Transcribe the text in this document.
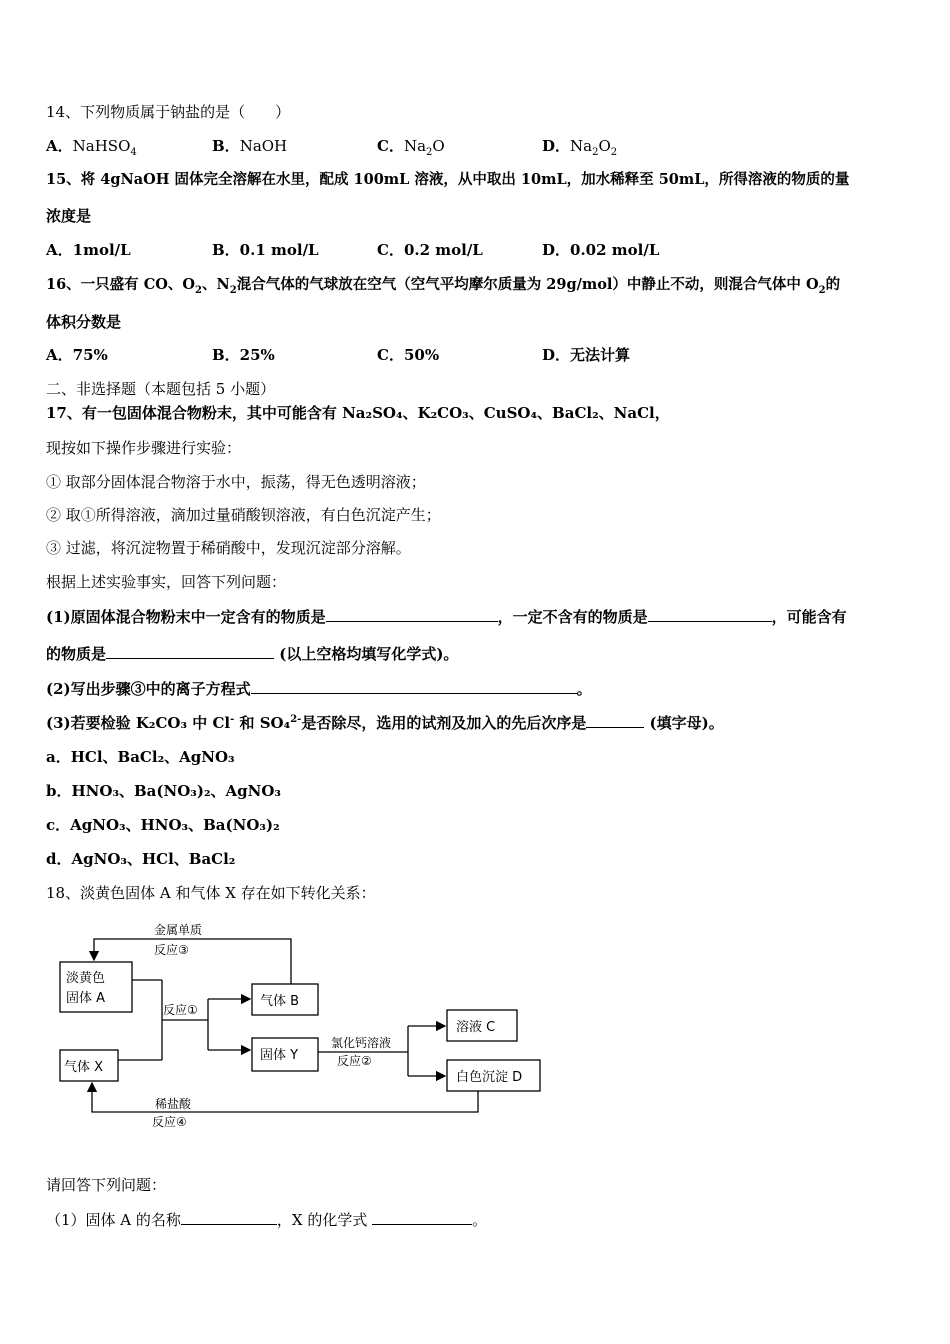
14、下列物质属于钠盐的是（　　）
A．NaHSO$_4$	B．NaOH	C．$Na_2O$	D．$Na_2O_2$
15、将 4gNaOH 固体完全溶解在水里，配成 100mL 溶液，从中取出 10mL，加水稀释至 50mL，所得溶液的物质的量
浓度是
A．1mol/L	B．0.1 mol/L	C．0.2 mol/L	D．0.02 mol/L
16、一只盛有 CO、$O_2$、$N_2$混合气体的气球放在空气（空气平均摩尔质量为 29g/mol）中静止不动，则混合气体中 $O_2$的
体积分数是
A．75%	B．25%	C．50%	D．无法计算
二、非选择题（本题包括 5 小题）
17、有一包固体混合物粉末，其中可能含有 Na₂SO₄、K₂CO₃、CuSO₄、BaCl₂、NaCl，
现按如下操作步骤进行实验：
① 取部分固体混合物溶于水中，振荡，得无色透明溶液；
② 取①所得溶液，滴加过量硝酸钡溶液，有白色沉淀产生；
③ 过滤，将沉淀物置于稀硝酸中，发现沉淀部分溶解。
根据上述实验事实，回答下列问题：
(1)原固体混合物粉末中一定含有的物质是	，一定不含有的物质是	，可能含有
的物质是	(以上空格均填写化学式)。
(2)写出步骤③中的离子方程式	。
(3)若要检验 K₂CO₃ 中 Cl- 和 SO₄$^{2-}$是否除尽，选用的试剂及加入的先后次序是	(填字母)。
a．HCl、BaCl₂、AgNO₃
b．HNO₃、Ba(NO₃)₂、AgNO₃
c．AgNO₃、HNO₃、Ba(NO₃)₂
d．AgNO₃、HCl、BaCl₂
18、淡黄色固体 A 和气体 X 存在如下转化关系：
淡黄色
固体 A
气体 X
气体 B
固体 Y
溶液 C
白色沉淀 D
金属单质
反应③
反应①
氯化钙溶液
反应②
稀盐酸
反应④
请回答下列问题：
（1）固体 A 的名称	，X 的化学式	。
